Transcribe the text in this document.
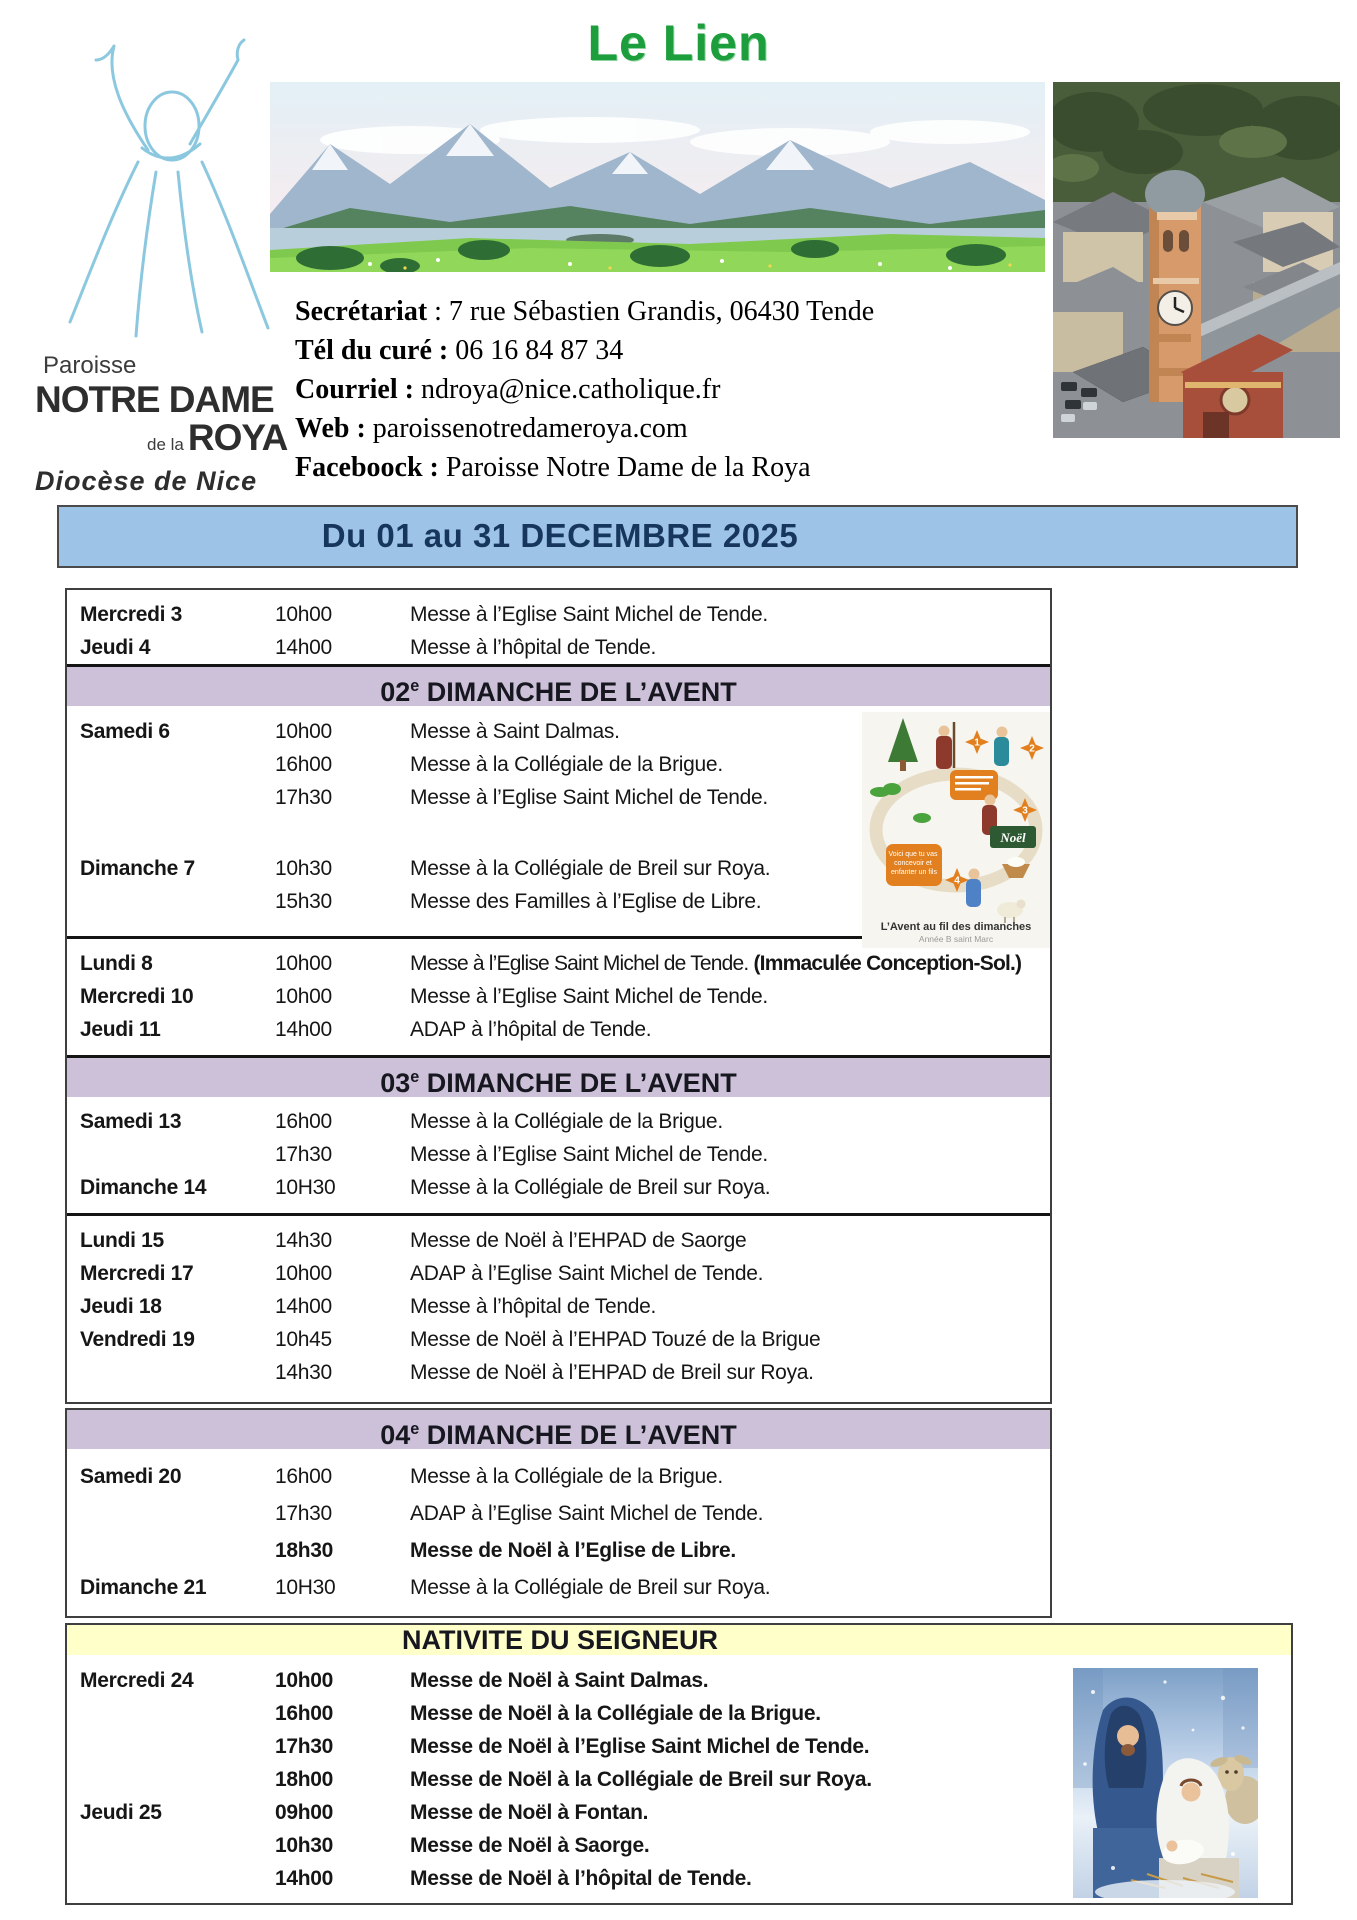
Le Lien
Paroisse
NOTRE DAME
de la ROYA
Diocèse de Nice
Secrétariat : 7 rue Sébastien Grandis, 06430 Tende
Tél du curé : 06 16 84 87 34
Courriel : ndroya@nice.catholique.fr
Web : paroissenotredameroya.com
Faceboock : Paroisse Notre Dame de la Roya
Du 01 au 31 DECEMBRE 2025
Mercredi 3	10h00	Messe à l’Eglise Saint Michel de Tende.
Jeudi 4	14h00	Messe à l’hôpital de Tende.
02e DIMANCHE DE L’AVENT
Samedi 6	10h00	Messe à Saint Dalmas.
16h00	Messe à la Collégiale de la Brigue.
17h30	Messe à l’Eglise Saint Michel de Tende.
Dimanche 7	10h30	Messe à la Collégiale de Breil sur Roya.
15h30	Messe des Familles à l’Eglise de Libre.
Lundi 8	10h00	Messe à l’Eglise Saint Michel de Tende. (Immaculée Conception-Sol.)
Mercredi 10	10h00	Messe à l’Eglise Saint Michel de Tende.
Jeudi 11	14h00	ADAP à l’hôpital de Tende.
03e DIMANCHE DE L’AVENT
Samedi 13	16h00	Messe à la Collégiale de la Brigue.
17h30	Messe à l’Eglise Saint Michel de Tende.
Dimanche 14	10H30	Messe à la Collégiale de Breil sur Roya.
Lundi 15	14h30	Messe de Noël à l’EHPAD de Saorge
Mercredi 17	10h00	ADAP à l’Eglise Saint Michel de Tende.
Jeudi 18	14h00	Messe à l’hôpital de Tende.
Vendredi 19	10h45	Messe de Noël à l’EHPAD Touzé de la Brigue
14h30	Messe de Noël à l’EHPAD de Breil sur Roya.
04e DIMANCHE DE L’AVENT
Samedi 20	16h00	Messe à la Collégiale de la Brigue.
17h30	ADAP à l’Eglise Saint Michel de Tende.
18h30	Messe de Noël à l’Eglise de Libre.
Dimanche 21	10H30	Messe à la Collégiale de Breil sur Roya.
NATIVITE DU SEIGNEUR
Mercredi 24	10h00	Messe de Noël à Saint Dalmas.
16h00	Messe de Noël à la Collégiale de la Brigue.
17h30	Messe de Noël à l’Eglise Saint Michel de Tende.
18h00	Messe de Noël à la Collégiale de Breil sur Roya.
Jeudi 25	09h00	Messe de Noël à Fontan.
10h30	Messe de Noël à Saorge.
14h00	Messe de Noël à l’hôpital de Tende.
Noël
Voici que tu vas concevoir et enfanter un fils
1
2
3
4
L’Avent au fil des dimanches
Année B saint Marc
